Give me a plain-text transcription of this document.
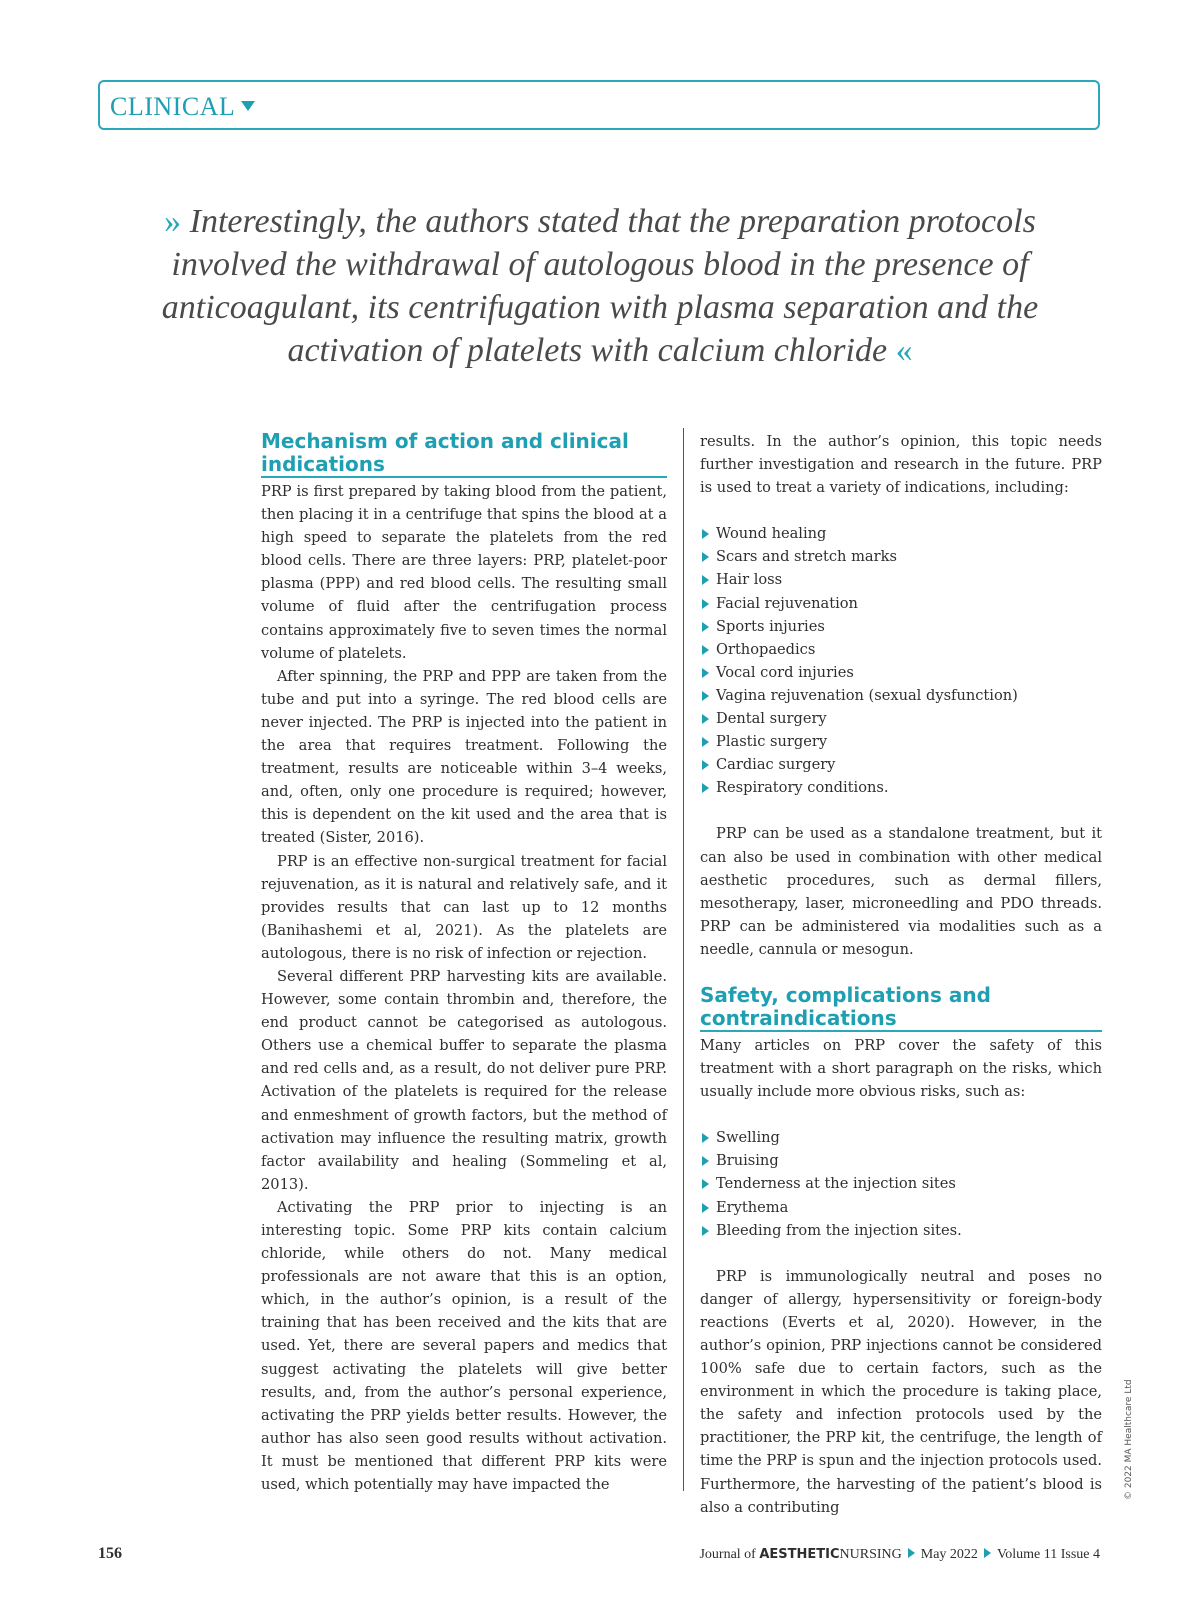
CLINICAL
» Interestingly, the authors stated that the preparation protocols involved the withdrawal of autologous blood in the presence of anticoagulant, its centrifugation with plasma separation and the activation of platelets with calcium chloride «
Mechanism of action and clinical indications

PRP is first prepared by taking blood from the patient, then placing it in a centrifuge that spins the blood at a high speed to separate the platelets from the red blood cells. There are three layers: PRP, platelet-poor plasma (PPP) and red blood cells. The resulting small volume of fluid after the centrifugation process contains approximately five to seven times the normal volume of platelets.

After spinning, the PRP and PPP are taken from the tube and put into a syringe. The red blood cells are never injected. The PRP is injected into the patient in the area that requires treatment. Following the treatment, results are noticeable within 3–4 weeks, and, often, only one procedure is required; however, this is dependent on the kit used and the area that is treated (Sister, 2016).

PRP is an effective non-surgical treatment for facial rejuvenation, as it is natural and relatively safe, and it provides results that can last up to 12 months (Banihashemi et al, 2021). As the platelets are autologous, there is no risk of infection or rejection.

Several different PRP harvesting kits are available. However, some contain thrombin and, therefore, the end product cannot be categorised as autologous. Others use a chemical buffer to separate the plasma and red cells and, as a result, do not deliver pure PRP. Activation of the platelets is required for the release and enmeshment of growth factors, but the method of activation may influence the resulting matrix, growth factor availability and healing (Sommeling et al, 2013).

Activating the PRP prior to injecting is an interesting topic. Some PRP kits contain calcium chloride, while others do not. Many medical professionals are not aware that this is an option, which, in the author’s opinion, is a result of the training that has been received and the kits that are used. Yet, there are several papers and medics that suggest activating the platelets will give better results, and, from the author’s personal experience, activating the PRP yields better results. However, the author has also seen good results without activation. It must be mentioned that different PRP kits were used, which potentially may have impacted the

results. In the author’s opinion, this topic needs further investigation and research in the future. PRP is used to treat a variety of indications, including:

Wound healing
Scars and stretch marks
Hair loss
Facial rejuvenation
Sports injuries
Orthopaedics
Vocal cord injuries
Vagina rejuvenation (sexual dysfunction)
Dental surgery
Plastic surgery
Cardiac surgery
Respiratory conditions.

PRP can be used as a standalone treatment, but it can also be used in combination with other medical aesthetic procedures, such as dermal fillers, mesotherapy, laser, microneedling and PDO threads. PRP can be administered via modalities such as a needle, cannula or mesogun.

Safety, complications and contraindications

Many articles on PRP cover the safety of this treatment with a short paragraph on the risks, which usually include more obvious risks, such as:

Swelling
Bruising
Tenderness at the injection sites
Erythema
Bleeding from the injection sites.

PRP is immunologically neutral and poses no danger of allergy, hypersensitivity or foreign-body reactions (Everts et al, 2020). However, in the author’s opinion, PRP injections cannot be considered 100% safe due to certain factors, such as the environment in which the procedure is taking place, the safety and infection protocols used by the practitioner, the PRP kit, the centrifuge, the length of time the PRP is spun and the injection protocols used. Furthermore, the harvesting of the patient’s blood is also a contributing

© 2022 MA Healthcare Ltd
156	Journal of AESTHETICNURSING May 2022 Volume 11 Issue 4
